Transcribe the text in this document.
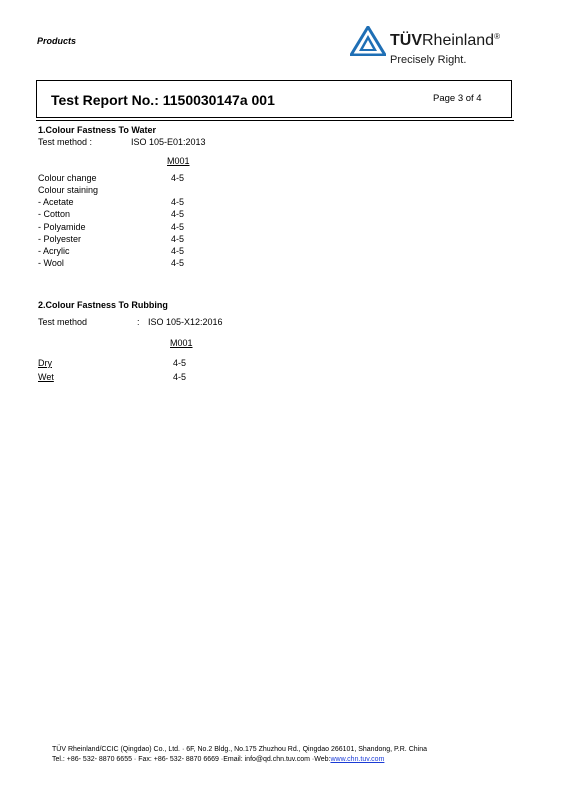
Products	TÜVRheinland®
Precisely Right.
Test Report No.: 1150030147a 001	Page 3 of 4
1.Colour Fastness To Water
Test method :	ISO 105-E01:2013
M001
Colour change	4-5
Colour staining
- Acetate	4-5
- Cotton	4-5
- Polyamide	4-5
- Polyester	4-5
- Acrylic	4-5
- Wool	4-5
2.Colour Fastness To Rubbing
Test method	: ISO 105-X12:2016
M001
Dry	4-5
Wet	4-5
TÜV Rheinland/CCIC (Qingdao) Co., Ltd. · 6F, No.2 Bldg., No.175 Zhuzhou Rd., Qingdao 266101, Shandong, P.R. China
Tel.: +86- 532- 8870 6655 · Fax: +86- 532- 8870 6669 ·Email: info@qd.chn.tuv.com ·Web:www.chn.tuv.com
